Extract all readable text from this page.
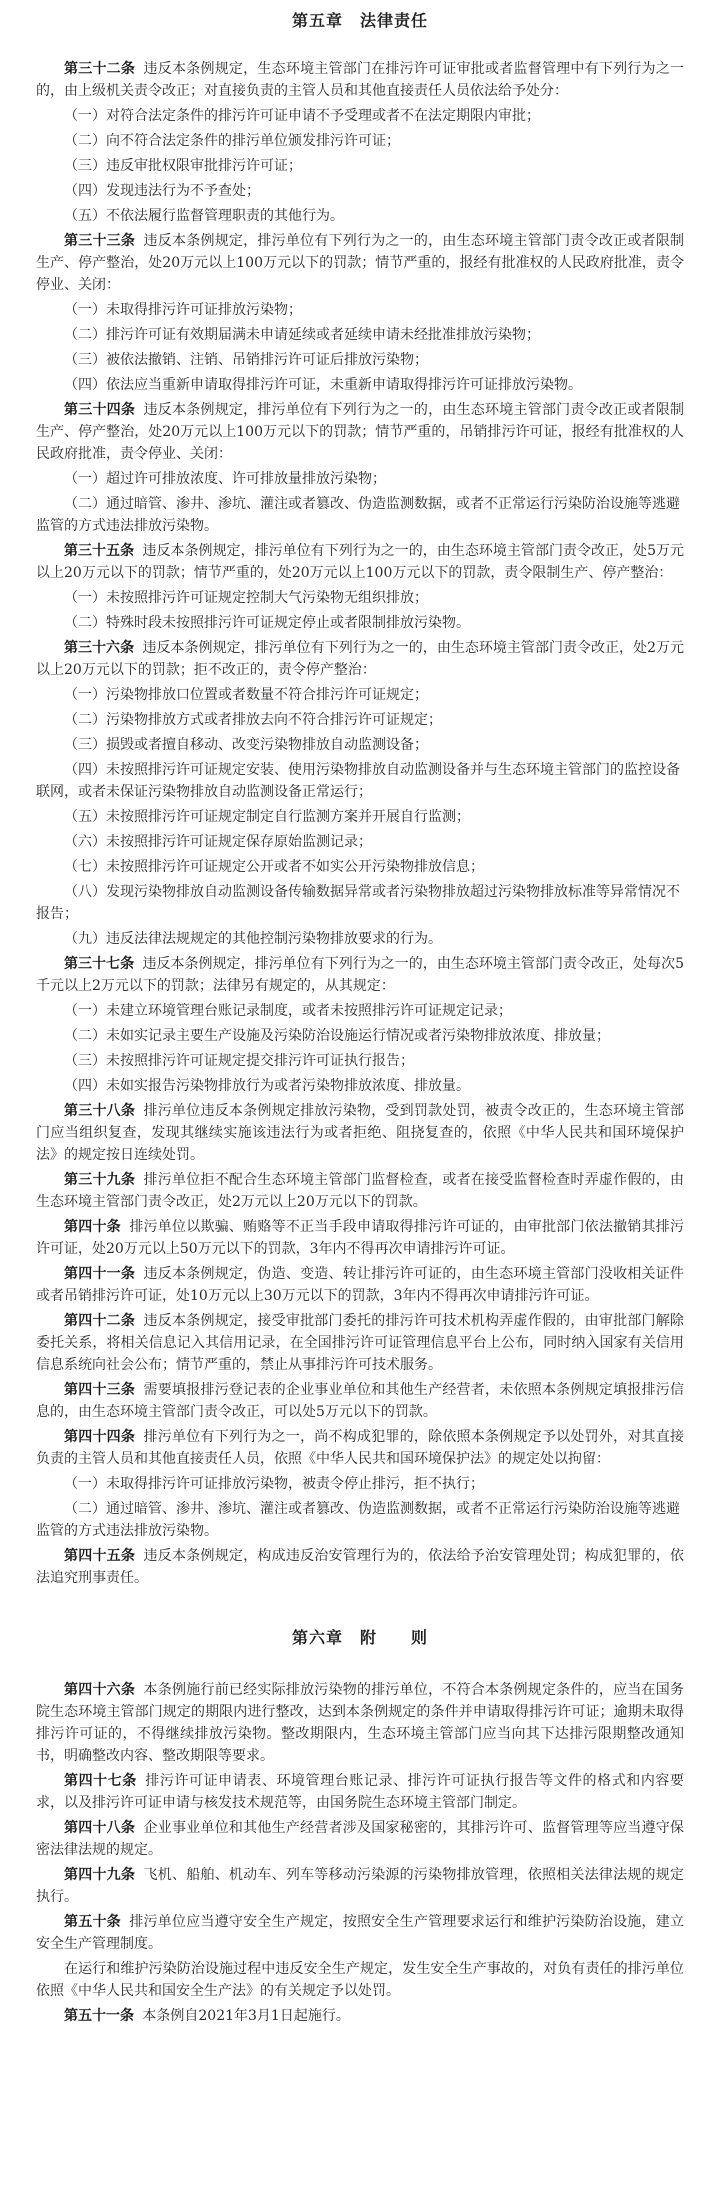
第五章　法律责任

第三十二条 违反本条例规定，生态环境主管部门在排污许可证审批或者监督管理中有下列行为之一的，由上级机关责令改正；对直接负责的主管人员和其他直接责任人员依法给予处分：

（一）对符合法定条件的排污许可证申请不予受理或者不在法定期限内审批；

（二）向不符合法定条件的排污单位颁发排污许可证；

（三）违反审批权限审批排污许可证；

（四）发现违法行为不予查处；

（五）不依法履行监督管理职责的其他行为。

第三十三条 违反本条例规定，排污单位有下列行为之一的，由生态环境主管部门责令改正或者限制生产、停产整治，处20万元以上100万元以下的罚款；情节严重的，报经有批准权的人民政府批准，责令停业、关闭：

（一）未取得排污许可证排放污染物；

（二）排污许可证有效期届满未申请延续或者延续申请未经批准排放污染物；

（三）被依法撤销、注销、吊销排污许可证后排放污染物；

（四）依法应当重新申请取得排污许可证，未重新申请取得排污许可证排放污染物。

第三十四条 违反本条例规定，排污单位有下列行为之一的，由生态环境主管部门责令改正或者限制生产、停产整治，处20万元以上100万元以下的罚款；情节严重的，吊销排污许可证，报经有批准权的人民政府批准，责令停业、关闭：

（一）超过许可排放浓度、许可排放量排放污染物；

（二）通过暗管、渗井、渗坑、灌注或者篡改、伪造监测数据，或者不正常运行污染防治设施等逃避监管的方式违法排放污染物。

第三十五条 违反本条例规定，排污单位有下列行为之一的，由生态环境主管部门责令改正，处5万元以上20万元以下的罚款；情节严重的，处20万元以上100万元以下的罚款，责令限制生产、停产整治：

（一）未按照排污许可证规定控制大气污染物无组织排放；

（二）特殊时段未按照排污许可证规定停止或者限制排放污染物。

第三十六条 违反本条例规定，排污单位有下列行为之一的，由生态环境主管部门责令改正，处2万元以上20万元以下的罚款；拒不改正的，责令停产整治：

（一）污染物排放口位置或者数量不符合排污许可证规定；

（二）污染物排放方式或者排放去向不符合排污许可证规定；

（三）损毁或者擅自移动、改变污染物排放自动监测设备；

（四）未按照排污许可证规定安装、使用污染物排放自动监测设备并与生态环境主管部门的监控设备联网，或者未保证污染物排放自动监测设备正常运行；

（五）未按照排污许可证规定制定自行监测方案并开展自行监测；

（六）未按照排污许可证规定保存原始监测记录；

（七）未按照排污许可证规定公开或者不如实公开污染物排放信息；

（八）发现污染物排放自动监测设备传输数据异常或者污染物排放超过污染物排放标准等异常情况不报告；

（九）违反法律法规规定的其他控制污染物排放要求的行为。

第三十七条 违反本条例规定，排污单位有下列行为之一的，由生态环境主管部门责令改正，处每次5千元以上2万元以下的罚款；法律另有规定的，从其规定：

（一）未建立环境管理台账记录制度，或者未按照排污许可证规定记录；

（二）未如实记录主要生产设施及污染防治设施运行情况或者污染物排放浓度、排放量；

（三）未按照排污许可证规定提交排污许可证执行报告；

（四）未如实报告污染物排放行为或者污染物排放浓度、排放量。

第三十八条 排污单位违反本条例规定排放污染物，受到罚款处罚，被责令改正的，生态环境主管部门应当组织复查，发现其继续实施该违法行为或者拒绝、阻挠复查的，依照《中华人民共和国环境保护法》的规定按日连续处罚。

第三十九条 排污单位拒不配合生态环境主管部门监督检查，或者在接受监督检查时弄虚作假的，由生态环境主管部门责令改正，处2万元以上20万元以下的罚款。

第四十条 排污单位以欺骗、贿赂等不正当手段申请取得排污许可证的，由审批部门依法撤销其排污许可证，处20万元以上50万元以下的罚款，3年内不得再次申请排污许可证。

第四十一条 违反本条例规定，伪造、变造、转让排污许可证的，由生态环境主管部门没收相关证件或者吊销排污许可证，处10万元以上30万元以下的罚款，3年内不得再次申请排污许可证。

第四十二条 违反本条例规定，接受审批部门委托的排污许可技术机构弄虚作假的，由审批部门解除委托关系，将相关信息记入其信用记录，在全国排污许可证管理信息平台上公布，同时纳入国家有关信用信息系统向社会公布；情节严重的，禁止从事排污许可技术服务。

第四十三条 需要填报排污登记表的企业事业单位和其他生产经营者，未依照本条例规定填报排污信息的，由生态环境主管部门责令改正，可以处5万元以下的罚款。

第四十四条 排污单位有下列行为之一，尚不构成犯罪的，除依照本条例规定予以处罚外，对其直接负责的主管人员和其他直接责任人员，依照《中华人民共和国环境保护法》的规定处以拘留：

（一）未取得排污许可证排放污染物，被责令停止排污，拒不执行；

（二）通过暗管、渗井、渗坑、灌注或者篡改、伪造监测数据，或者不正常运行污染防治设施等逃避监管的方式违法排放污染物。

第四十五条 违反本条例规定，构成违反治安管理行为的，依法给予治安管理处罚；构成犯罪的，依法追究刑事责任。

第六章　附　　则

第四十六条 本条例施行前已经实际排放污染物的排污单位，不符合本条例规定条件的，应当在国务院生态环境主管部门规定的期限内进行整改，达到本条例规定的条件并申请取得排污许可证；逾期未取得排污许可证的，不得继续排放污染物。整改期限内，生态环境主管部门应当向其下达排污限期整改通知书，明确整改内容、整改期限等要求。

第四十七条 排污许可证申请表、环境管理台账记录、排污许可证执行报告等文件的格式和内容要求，以及排污许可证申请与核发技术规范等，由国务院生态环境主管部门制定。

第四十八条 企业事业单位和其他生产经营者涉及国家秘密的，其排污许可、监督管理等应当遵守保密法律法规的规定。

第四十九条 飞机、船舶、机动车、列车等移动污染源的污染物排放管理，依照相关法律法规的规定执行。

第五十条 排污单位应当遵守安全生产规定，按照安全生产管理要求运行和维护污染防治设施，建立安全生产管理制度。

在运行和维护污染防治设施过程中违反安全生产规定，发生安全生产事故的，对负有责任的排污单位依照《中华人民共和国安全生产法》的有关规定予以处罚。

第五十一条 本条例自2021年3月1日起施行。
